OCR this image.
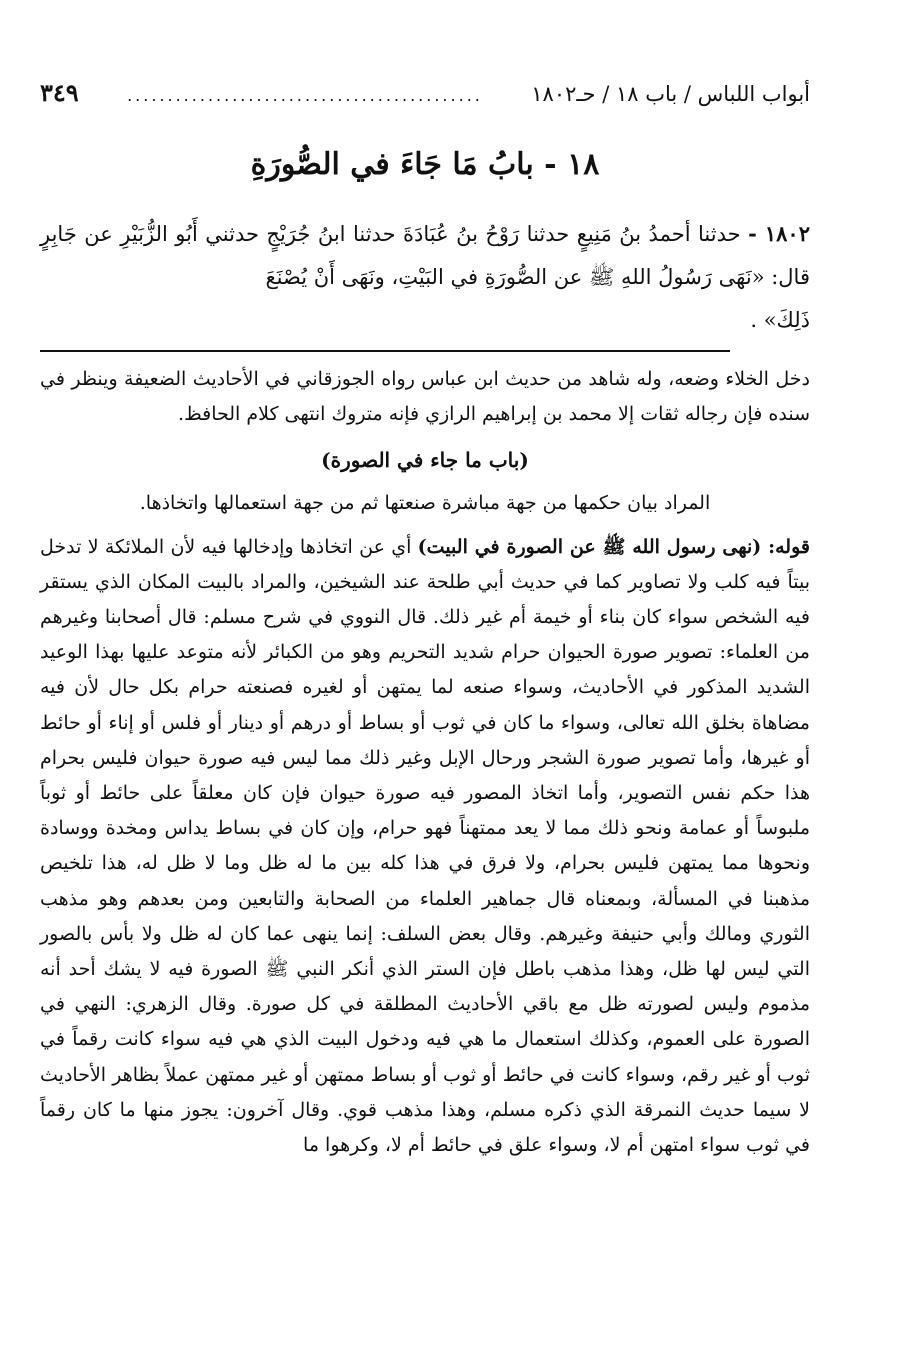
أبواب اللباس / باب ١٨ / حـ١٨٠٢
............................................
٣٤٩
١٨ - بابُ مَا جَاءَ في الصُّورَةِ
١٨٠٢ - حدثنا أحمدُ بنُ مَنِيعٍ حدثنا رَوْحُ بنُ عُبَادَةَ حدثنا ابنُ جُرَيْجٍ حدثني أَبُو الزُّبَيْرِ عن جَابِرٍ قال: «نَهَى رَسُولُ اللهِ ﷺ عن الصُّورَةِ في البَيْتِ، ونَهَى أَنْ يُصْنَعَ
ذَلِكَ» .

دخل الخلاء وضعه، وله شاهد من حديث ابن عباس رواه الجوزقاني في الأحاديث الضعيفة وينظر في سنده فإن رجاله ثقات إلا محمد بن إبراهيم الرازي فإنه متروك انتهى كلام الحافظ.

(باب ما جاء في الصورة)

المراد بيان حكمها من جهة مباشرة صنعتها ثم من جهة استعمالها واتخاذها.

قوله: (نهى رسول الله ﷺ عن الصورة في البيت) أي عن اتخاذها وإدخالها فيه لأن الملائكة لا تدخل بيتاً فيه كلب ولا تصاوير كما في حديث أبي طلحة عند الشيخين، والمراد بالبيت المكان الذي يستقر فيه الشخص سواء كان بناء أو خيمة أم غير ذلك. قال النووي في شرح مسلم: قال أصحابنا وغيرهم من العلماء: تصوير صورة الحيوان حرام شديد التحريم وهو من الكبائر لأنه متوعد عليها بهذا الوعيد الشديد المذكور في الأحاديث، وسواء صنعه لما يمتهن أو لغيره فصنعته حرام بكل حال لأن فيه مضاهاة بخلق الله تعالى، وسواء ما كان في ثوب أو بساط أو درهم أو دينار أو فلس أو إناء أو حائط أو غيرها، وأما تصوير صورة الشجر ورحال الإبل وغير ذلك مما ليس فيه صورة حيوان فليس بحرام هذا حكم نفس التصوير، وأما اتخاذ المصور فيه صورة حيوان فإن كان معلقاً على حائط أو ثوباً ملبوساً أو عمامة ونحو ذلك مما لا يعد ممتهناً فهو حرام، وإن كان في بساط يداس ومخدة ووسادة ونحوها مما يمتهن فليس بحرام، ولا فرق في هذا كله بين ما له ظل وما لا ظل له، هذا تلخيص مذهبنا في المسألة، وبمعناه قال جماهير العلماء من الصحابة والتابعين ومن بعدهم وهو مذهب الثوري ومالك وأبي حنيفة وغيرهم. وقال بعض السلف: إنما ينهى عما كان له ظل ولا بأس بالصور التي ليس لها ظل، وهذا مذهب باطل فإن الستر الذي أنكر النبي ﷺ الصورة فيه لا يشك أحد أنه مذموم وليس لصورته ظل مع باقي الأحاديث المطلقة في كل صورة. وقال الزهري: النهي في الصورة على العموم، وكذلك استعمال ما هي فيه ودخول البيت الذي هي فيه سواء كانت رقماً في ثوب أو غير رقم، وسواء كانت في حائط أو ثوب أو بساط ممتهن أو غير ممتهن عملاً بظاهر الأحاديث لا سيما حديث النمرقة الذي ذكره مسلم، وهذا مذهب قوي. وقال آخرون: يجوز منها ما كان رقماً في ثوب سواء امتهن أم لا، وسواء علق في حائط أم لا، وكرهوا ما
